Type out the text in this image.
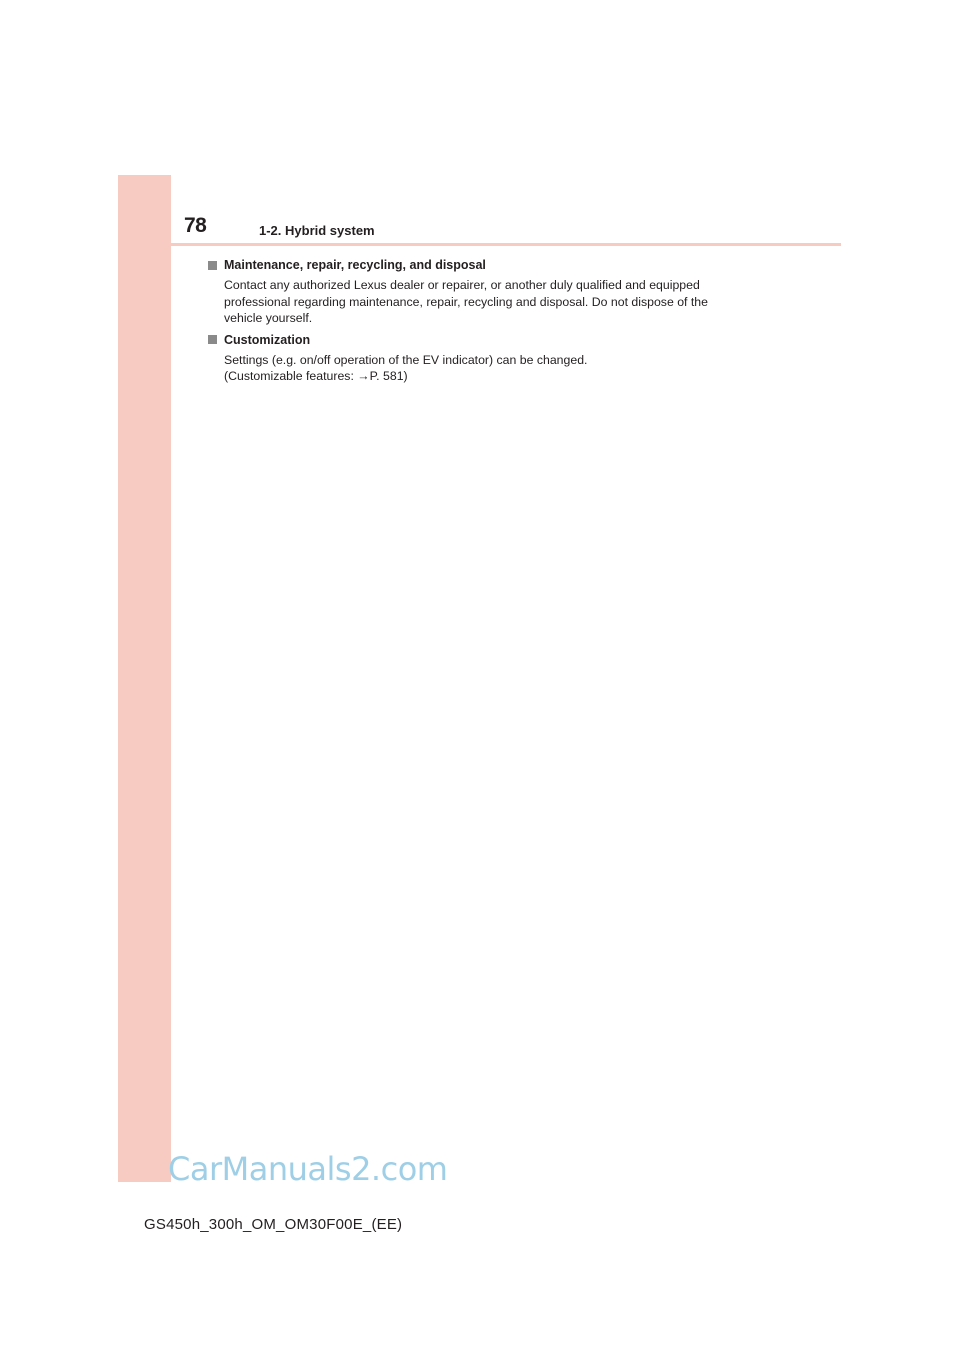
78	1-2. Hybrid system
Maintenance, repair, recycling, and disposal
Contact any authorized Lexus dealer or repairer, or another duly qualified and equipped
professional regarding maintenance, repair, recycling and disposal. Do not dispose of the
vehicle yourself.
Customization
Settings (e.g. on/off operation of the EV indicator) can be changed.
(Customizable features: →P. 581)
CarManuals2.com
GS450h_300h_OM_OM30F00E_(EE)
